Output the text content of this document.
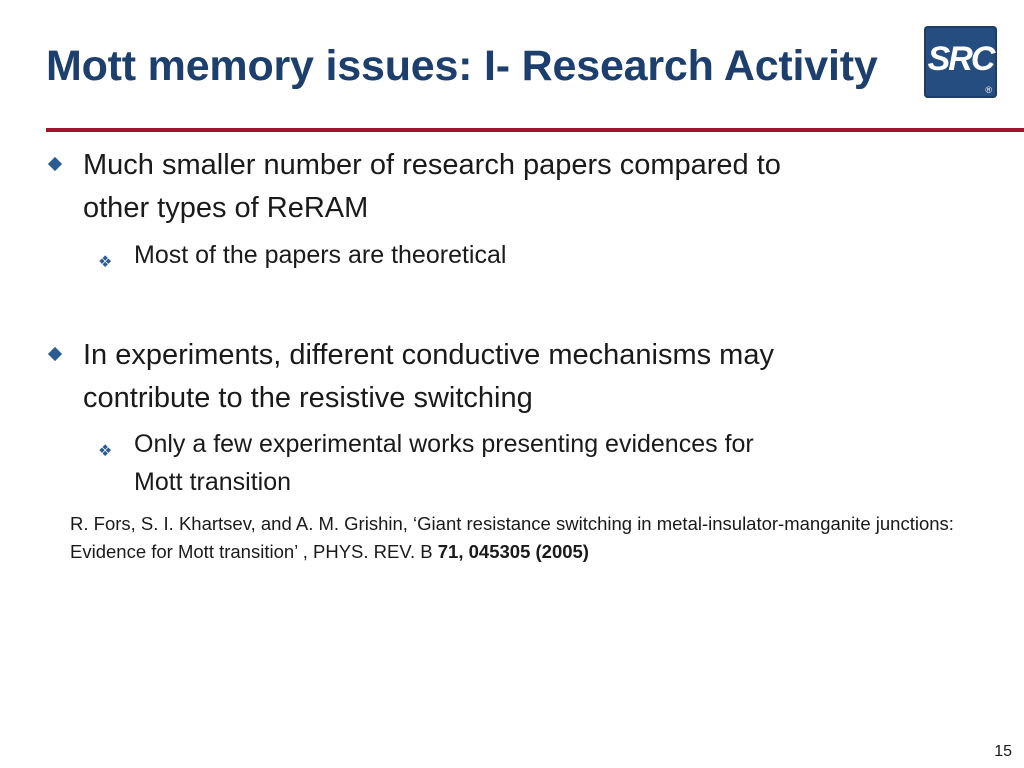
Mott memory issues: I- Research Activity SRC
®
Much smaller number of research papers compared to
other types of ReRAM
❖ Most of the papers are theoretical
In experiments, different conductive mechanisms may
contribute to the resistive switching
❖ Only a few experimental works presenting evidences for
Mott transition
R. Fors, S. I. Khartsev, and A. M. Grishin, ‘Giant resistance switching in metal-insulator-manganite junctions: Evidence for Mott transition’ , PHYS. REV. B 71, 045305 (2005)
15
